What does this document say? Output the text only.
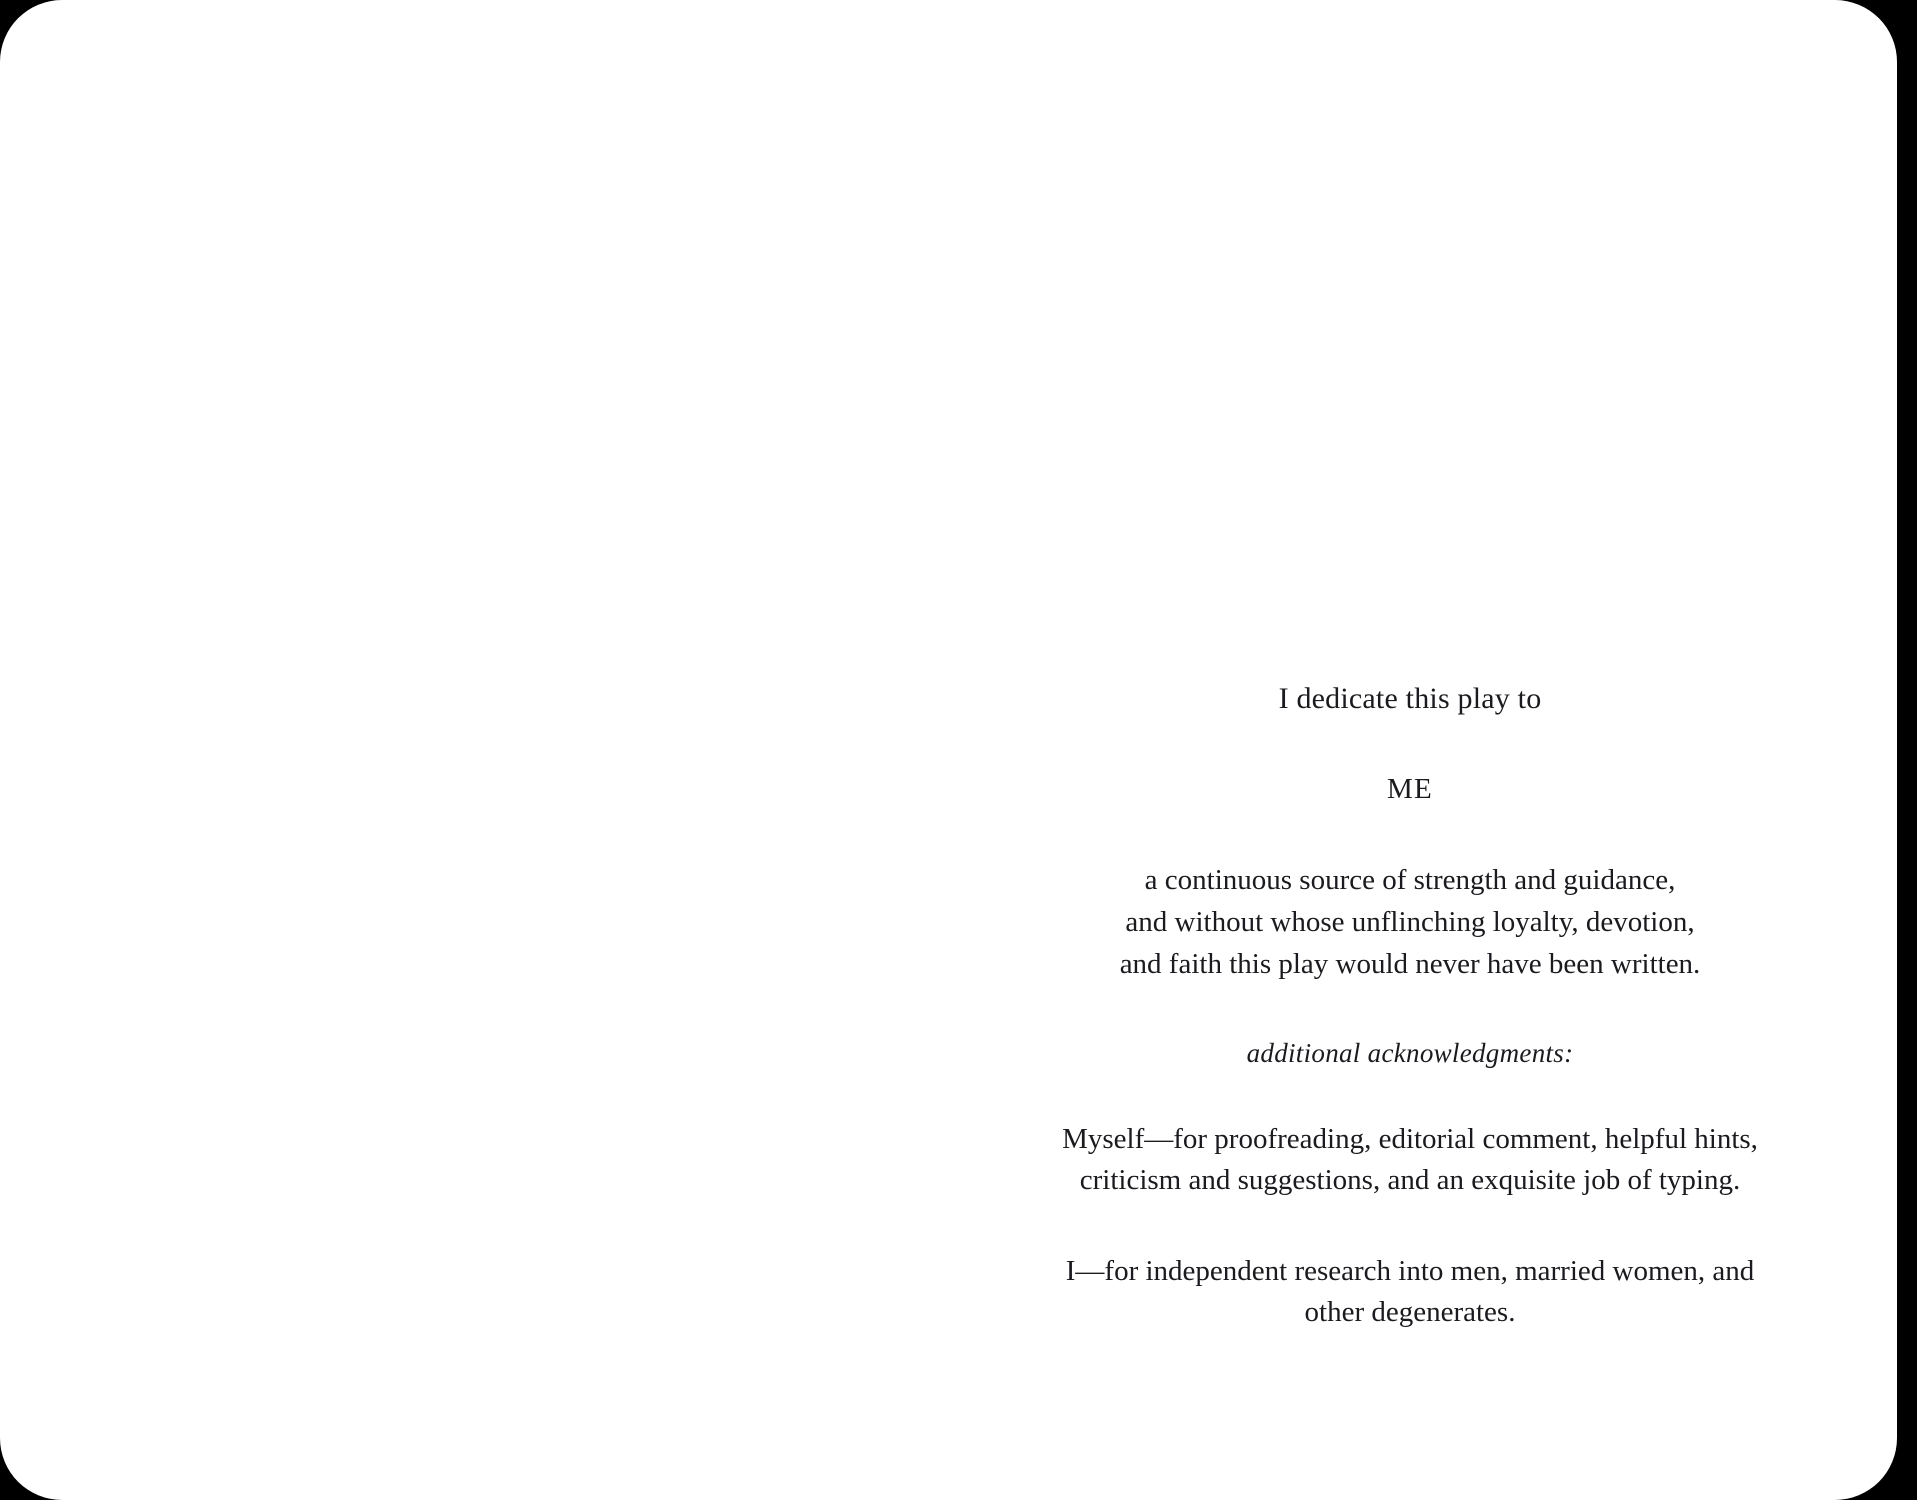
I dedicate this play to
ME
a continuous source of strength and guidance,
and without whose unflinching loyalty, devotion,
and faith this play would never have been written.
additional acknowledgments:
Myself—for proofreading, editorial comment, helpful hints, criticism and suggestions, and an exquisite job of typing.
I—for independent research into men, married women, and other degenerates.
